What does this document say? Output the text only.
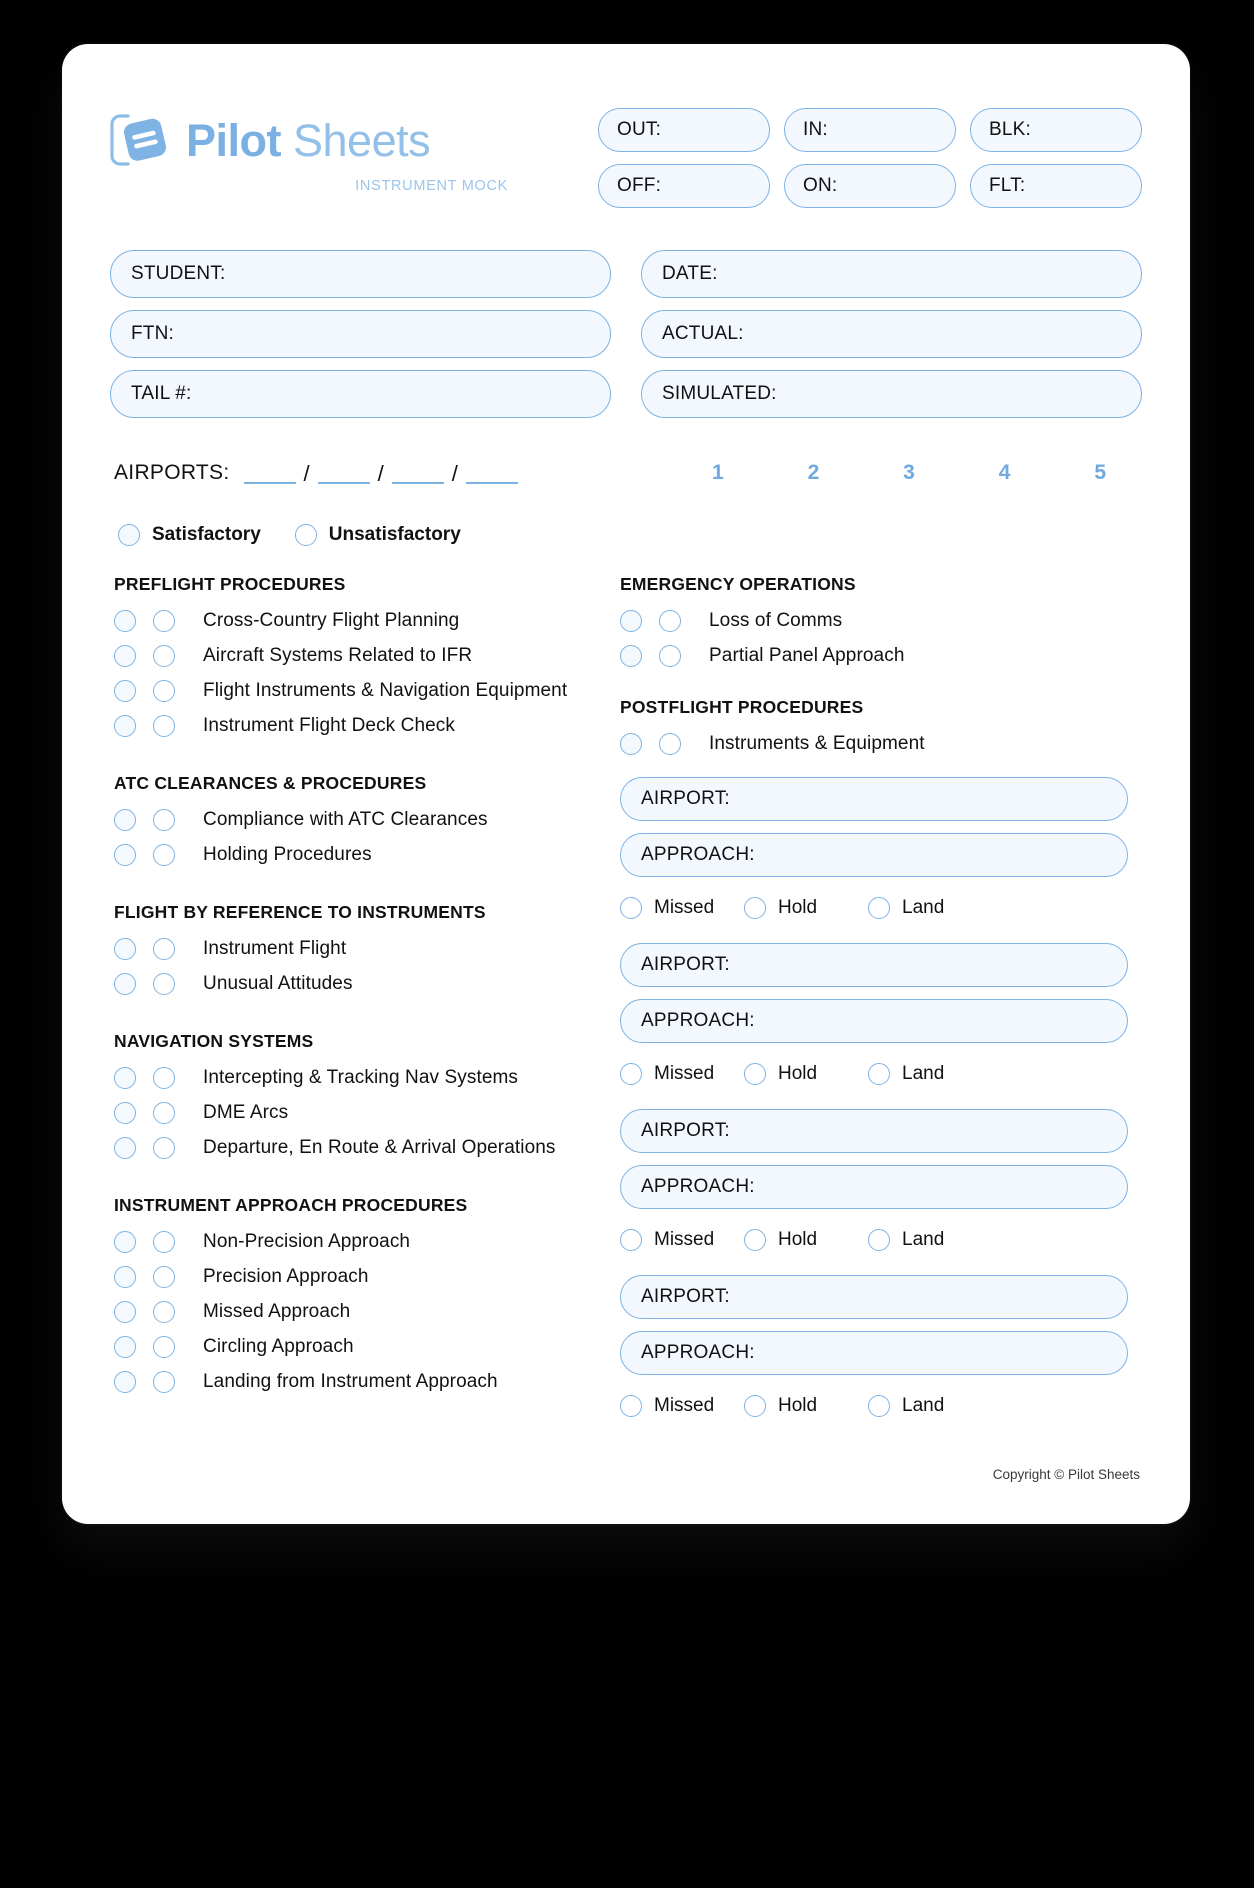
Pilot Sheets
INSTRUMENT MOCK
OUT:	IN:	BLK:
OFF:	ON:	FLT:
STUDENT:	DATE:
FTN:	ACTUAL:
TAIL #:	SIMULATED:
AIRPORTS:	/	/	/	1	2	3	4	5
Satisfactory	Unsatisfactory
PREFLIGHT PROCEDURES
Cross-Country Flight Planning
Aircraft Systems Related to IFR
Flight Instruments & Navigation Equipment
Instrument Flight Deck Check
ATC CLEARANCES & PROCEDURES
Compliance with ATC Clearances
Holding Procedures
FLIGHT BY REFERENCE TO INSTRUMENTS
Instrument Flight
Unusual Attitudes
NAVIGATION SYSTEMS
Intercepting & Tracking Nav Systems
DME Arcs
Departure, En Route & Arrival Operations
INSTRUMENT APPROACH PROCEDURES
Non-Precision Approach
Precision Approach
Missed Approach
Circling Approach
Landing from Instrument Approach
EMERGENCY OPERATIONS
Loss of Comms
Partial Panel Approach
POSTFLIGHT PROCEDURES
Instruments & Equipment
AIRPORT:
APPROACH:
Missed	Hold	Land
AIRPORT:
APPROACH:
Missed	Hold	Land
AIRPORT:
APPROACH:
Missed	Hold	Land
AIRPORT:
APPROACH:
Missed	Hold	Land
Copyright © Pilot Sheets
